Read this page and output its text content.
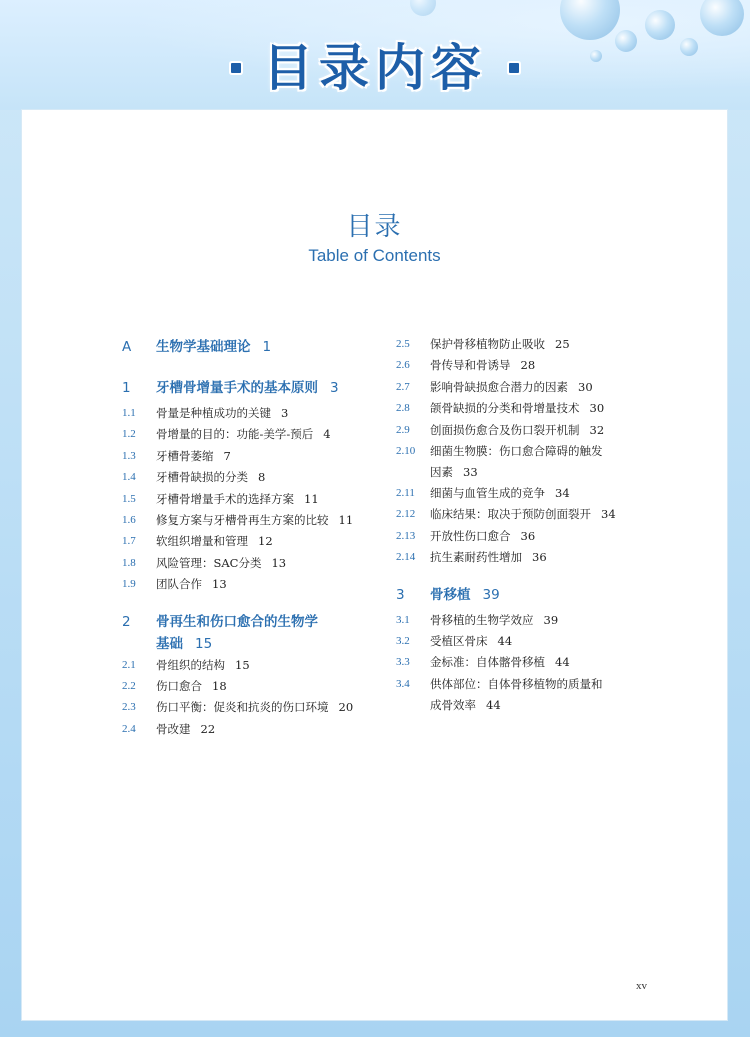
目录内容
目录
Table of Contents
A 生物学基础理论 1
1 牙槽骨增量手术的基本原则 3
1.1 骨量是种植成功的关键 3
1.2 骨增量的目的：功能-美学-预后 4
1.3 牙槽骨萎缩 7
1.4 牙槽骨缺损的分类 8
1.5 牙槽骨增量手术的选择方案 11
1.6 修复方案与牙槽骨再生方案的比较 11
1.7 软组织增量和管理 12
1.8 风险管理：SAC分类 13
1.9 团队合作 13
2 骨再生和伤口愈合的生物学
基础 15
2.1 骨组织的结构 15
2.2 伤口愈合 18
2.3 伤口平衡：促炎和抗炎的伤口环境 20
2.4 骨改建 22
2.5 保护骨移植物防止吸收 25
2.6 骨传导和骨诱导 28
2.7 影响骨缺损愈合潜力的因素 30
2.8 颌骨缺损的分类和骨增量技术 30
2.9 创面损伤愈合及伤口裂开机制 32
2.10 细菌生物膜：伤口愈合障碍的触发
因素 33
2.11 细菌与血管生成的竞争 34
2.12 临床结果：取决于预防创面裂开 34
2.13 开放性伤口愈合 36
2.14 抗生素耐药性增加 36
3 骨移植 39
3.1 骨移植的生物学效应 39
3.2 受植区骨床 44
3.3 金标准：自体髂骨移植 44
3.4 供体部位：自体骨移植物的质量和
成骨效率 44
xv
